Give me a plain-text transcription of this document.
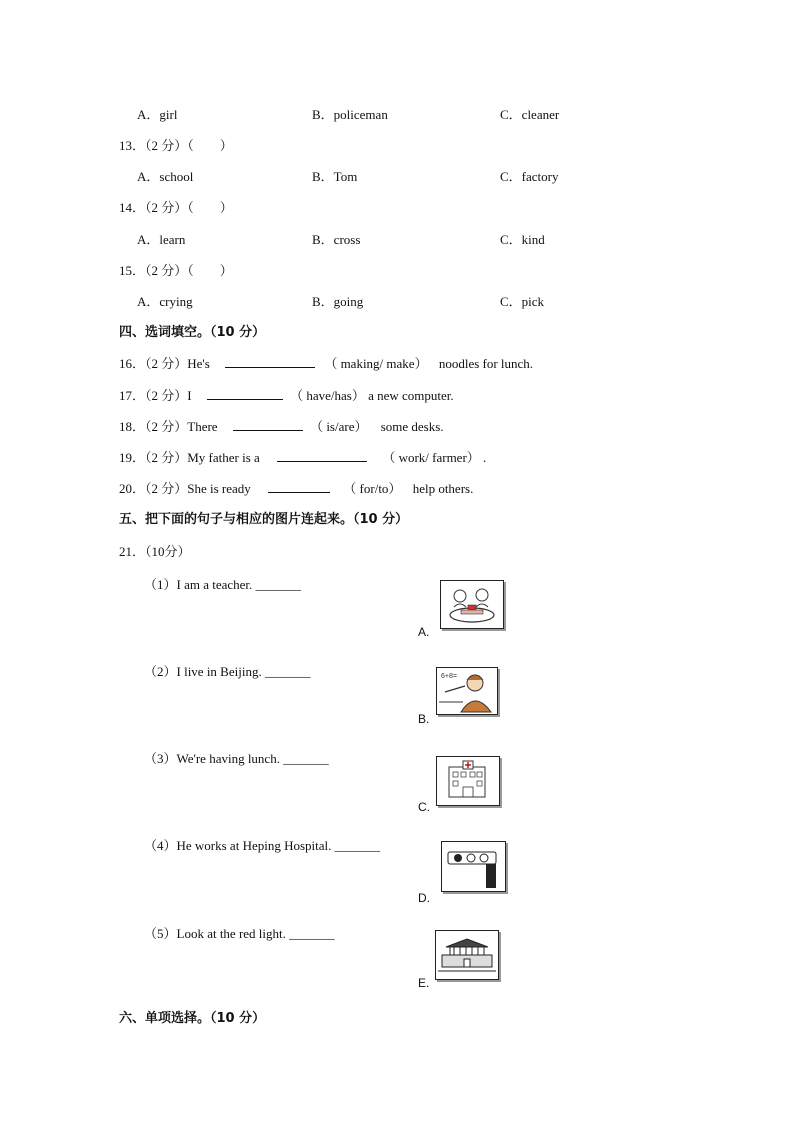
A．girl	B．policeman	C．cleaner
13．（2 分）（　　）
A．school	B．Tom	C．factory
14．（2 分）（　　）
A．learn	B．cross	C．kind
15．（2 分）（　　）
A．crying	B．going	C．pick
四、选词填空。（10 分）
16．（2 分）He's	（ making/ make） noodles for lunch.
17．（2 分）I	（ have/has） a new computer.
18．（2 分）There	（ is/are） some desks.
19．（2 分）My father is a	（ work/ farmer） .
20．（2 分）She is ready	（ for/to） help others.
五、把下面的句子与相应的图片连起来。（10 分）
21．（10分）
（1）I am a teacher. _______
（2）I live in Beijing. _______
（3）We're having lunch. _______
（4）He works at Heping Hospital. _______
（5）Look at the red light. _______
A.
6+8=
B.
C.
D.
E.
六、单项选择。（10 分）
